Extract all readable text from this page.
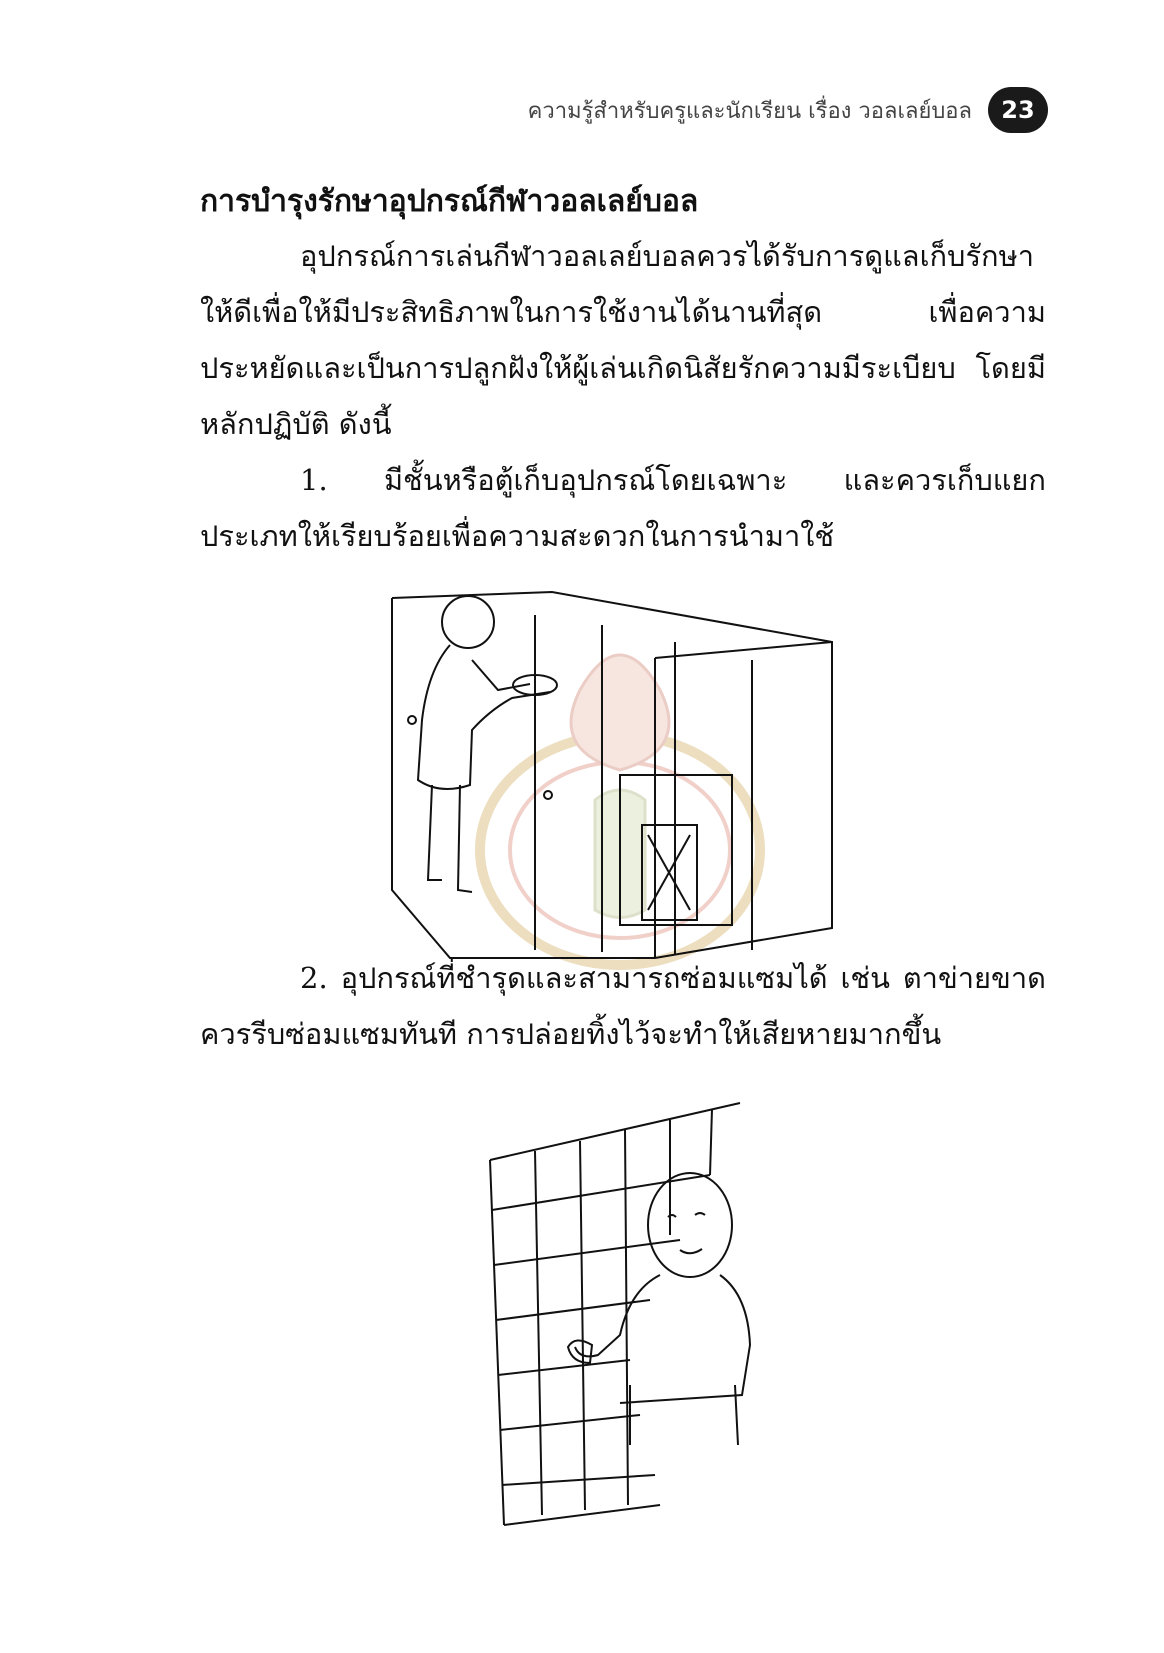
ความรู้สำหรับครูและนักเรียน เรื่อง วอลเลย์บอล	23
การบำรุงรักษาอุปกรณ์กีฬาวอลเลย์บอล
อุปกรณ์การเล่นกีฬาวอลเลย์บอลควรได้รับการดูแลเก็บรักษาให้ดีเพื่อให้มีประสิทธิภาพในการใช้งานได้นานที่สุด เพื่อความประหยัดและเป็นการปลูกฝังให้ผู้เล่นเกิดนิสัยรักความมีระเบียบ โดยมีหลักปฏิบัติ ดังนี้
1. มีชั้นหรือตู้เก็บอุปกรณ์โดยเฉพาะ และควรเก็บแยกประเภทให้เรียบร้อยเพื่อความสะดวกในการนำมาใช้
2. อุปกรณ์ที่ชำรุดและสามารถซ่อมแซมได้ เช่น ตาข่ายขาดควรรีบซ่อมแซมทันที การปล่อยทิ้งไว้จะทำให้เสียหายมากขึ้น
